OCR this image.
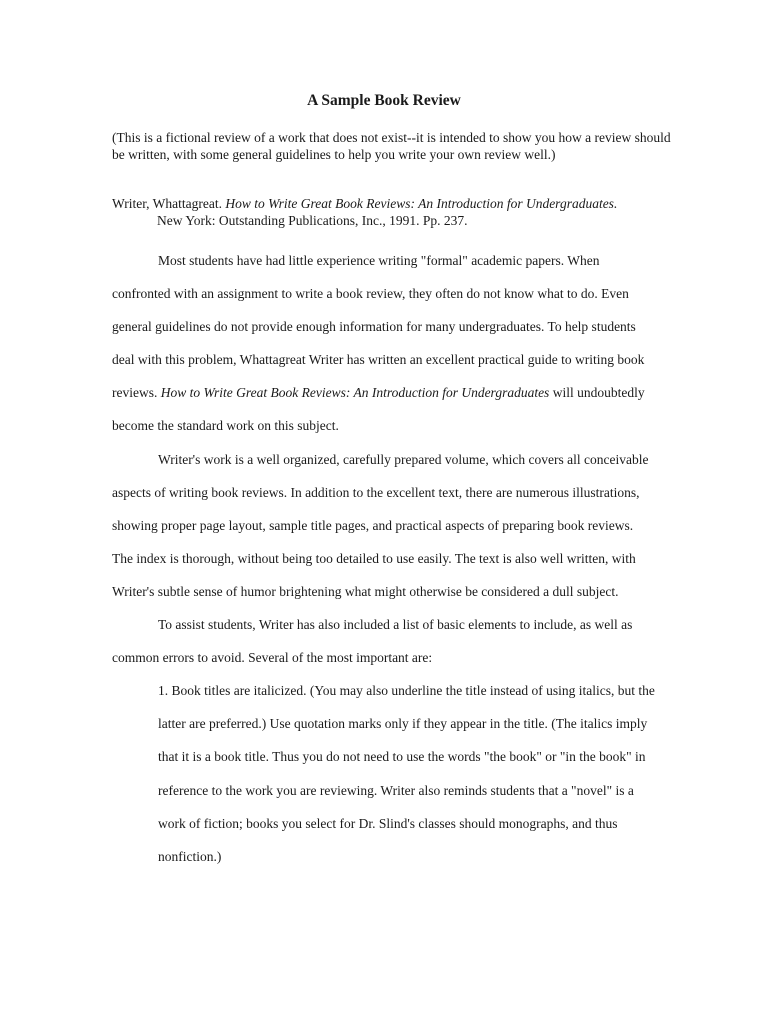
A Sample Book Review
(This is a fictional review of a work that does not exist--it is intended to show you how a review should be written, with some general guidelines to help you write your own review well.)
Writer, Whattagreat. How to Write Great Book Reviews: An Introduction for Undergraduates.
New York: Outstanding Publications, Inc., 1991. Pp. 237.

Most students have had little experience writing "formal" academic papers. When confronted with an assignment to write a book review, they often do not know what to do. Even general guidelines do not provide enough information for many undergraduates. To help students deal with this problem, Whattagreat Writer has written an excellent practical guide to writing book reviews. How to Write Great Book Reviews: An Introduction for Undergraduates will undoubtedly become the standard work on this subject.

Writer's work is a well organized, carefully prepared volume, which covers all conceivable aspects of writing book reviews. In addition to the excellent text, there are numerous illustrations, showing proper page layout, sample title pages, and practical aspects of preparing book reviews. The index is thorough, without being too detailed to use easily. The text is also well written, with Writer's subtle sense of humor brightening what might otherwise be considered a dull subject.

To assist students, Writer has also included a list of basic elements to include, as well as common errors to avoid. Several of the most important are:

1. Book titles are italicized. (You may also underline the title instead of using italics, but the latter are preferred.) Use quotation marks only if they appear in the title. (The italics imply that it is a book title. Thus you do not need to use the words "the book" or "in the book" in reference to the work you are reviewing. Writer also reminds students that a "novel" is a work of fiction; books you select for Dr. Slind's classes should monographs, and thus nonfiction.)
